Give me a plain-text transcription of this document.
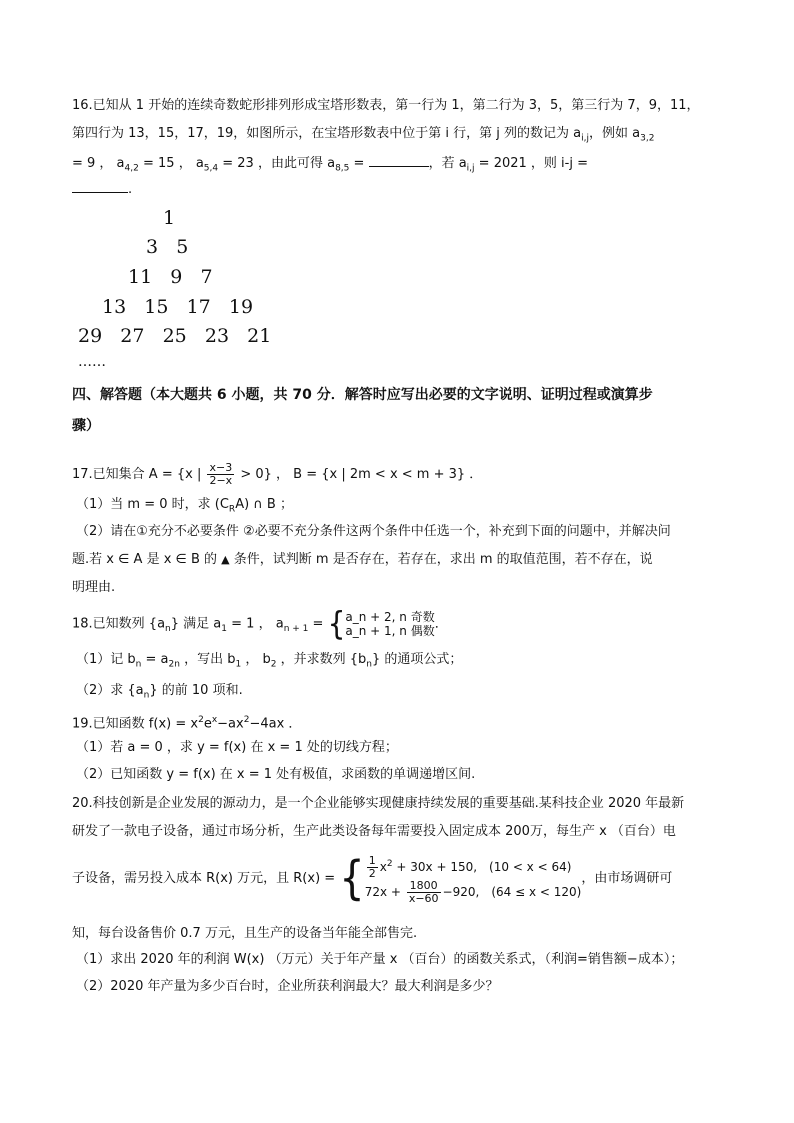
16.已知从 1 开始的连续奇数蛇形排列形成宝塔形数表，第一行为 1，第二行为 3，5，第三行为 7，9，11，
第四行为 13，15，17，19，如图所示，在宝塔形数表中位于第 i 行，第 j 列的数记为 $a_{i,j}$，例如 $a_{3,2}$
= 9 ， $a_{4,2} = 15$ ， $a_{5,4} = 23$ ，由此可得 $a_{8,5}$ =	，若 $a_{i,j} = 2021$ ，则 i-j =
.
1
3   5
11   9   7
13   15   17   19
29   27   25   23   21
……
四、解答题（本大题共 6 小题，共 70 分．解答时应写出必要的文字说明、证明过程或演算步
骤）
17.已知集合 A = {x | $\frac{x-3}{2-x} > 0$} ， B = {x | 2m < x < m + 3} ．
（1）当 m = 0 时，求 $(C_RA)$ ∩ B ；
（2）请在①充分不必要条件 ②必要不充分条件这两个条件中任选一个，补充到下面的问题中，并解决问
题.若 x ∈ A 是 x ∈ B 的 ▲ 条件，试判断 m 是否存在，若存在，求出 m 的取值范围，若不存在，说
明理由.
18.已知数列 $\{a_n\}$ 满足 $a_1 = 1$ ， $a_{n + 1}$ = { a_n + 2, n 奇数
a_n + 1, n 偶数 ．
（1）记 $b_n = a_{2n}$ ，写出 $b_1$ ， $b_2$ ，并求数列 $\{b_n\}$ 的通项公式；
（2）求 $\{a_n\}$ 的前 10 项和.
19.已知函数 $f(x) = x^2e^x-ax^2-4ax$ ．
（1）若 a = 0 ，求 y = f(x) 在 x = 1 处的切线方程；
（2）已知函数 y = f(x) 在 x = 1 处有极值，求函数的单调递增区间.
20.科技创新是企业发展的源动力，是一个企业能够实现健康持续发展的重要基础.某科技企业 2020 年最新
研发了一款电子设备，通过市场分析，生产此类设备每年需要投入固定成本 200万，每生产 x （百台）电
子设备，需另投入成本 R(x) 万元，且 R(x) = { $\frac{1}{2} x^2 + 30x + 150$,　(10 < x < 64)
$72x + \frac{1800}{x-60} -920$,　(64 ≤ x < 120)
，由市场调研可
知，每台设备售价 0.7 万元，且生产的设备当年能全部售完.
（1）求出 2020 年的利润 W(x) （万元）关于年产量 x （百台）的函数关系式，（利润=销售额−成本）；
（2）2020 年产量为多少百台时，企业所获利润最大？最大利润是多少？
